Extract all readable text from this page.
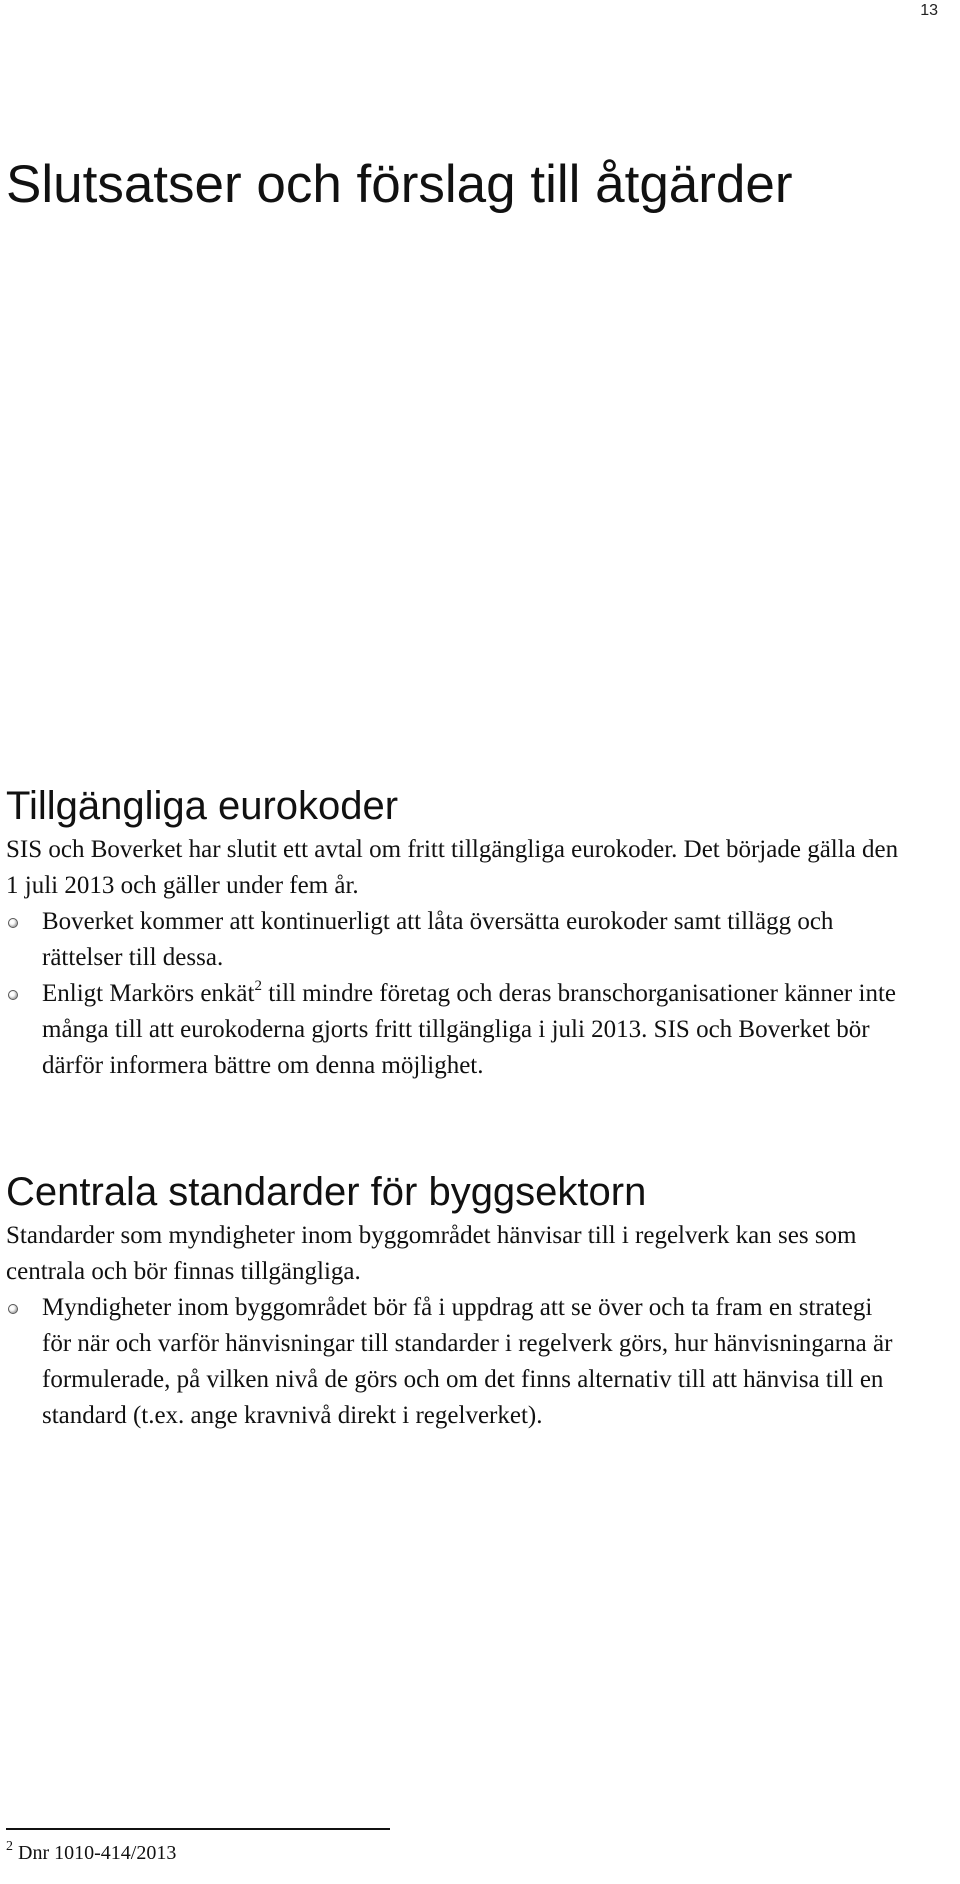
13
Slutsatser och förslag till åtgärder
Tillgängliga eurokoder

SIS och Boverket har slutit ett avtal om fritt tillgängliga eurokoder. Det började gälla den 1 juli 2013 och gäller under fem år.

Boverket kommer att kontinuerligt att låta översätta eurokoder samt tillägg och rättelser till dessa.
Enligt Markörs enkät$^2$ till mindre företag och deras branschorganisationer känner inte många till att eurokoderna gjorts fritt tillgängliga i juli 2013. SIS och Boverket bör därför informera bättre om denna möjlighet.
Centrala standarder för byggsektorn

Standarder som myndigheter inom byggområdet hänvisar till i regelverk kan ses som centrala och bör finnas tillgängliga.

Myndigheter inom byggområdet bör få i uppdrag att se över och ta fram en strategi för när och varför hänvisningar till standarder i regelverk görs, hur hänvisningarna är formulerade, på vilken nivå de görs och om det finns alternativ till att hänvisa till en standard (t.ex. ange kravnivå direkt i regelverket).
$^2$ Dnr 1010-414/2013
